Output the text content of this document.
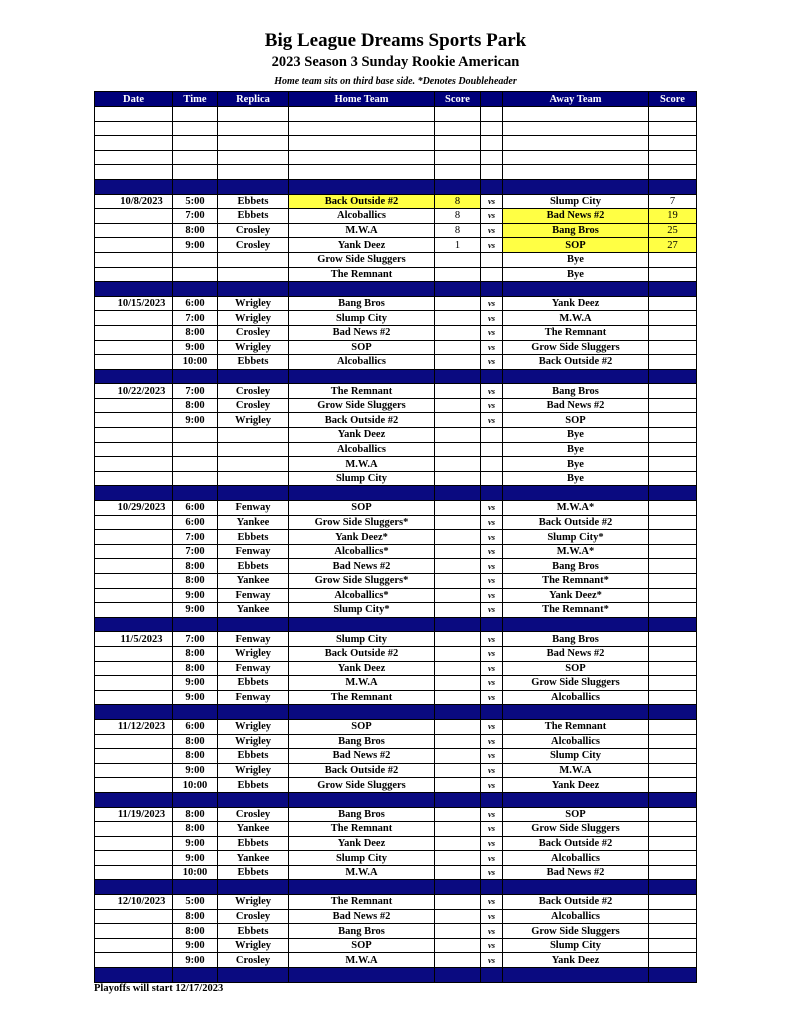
Big League Dreams Sports Park
2023 Season 3 Sunday Rookie American
Home team sits on third base side. *Denotes Doubleheader
Date	Time	Replica	Home Team	Score		Away Team	Score

10/8/2023	5:00	Ebbets	Back Outside #2	8	vs	Slump City	7
	7:00	Ebbets	Alcoballics	8	vs	Bad News #2	19
	8:00	Crosley	M.W.A	8	vs	Bang Bros	25
	9:00	Crosley	Yank Deez	1	vs	SOP	27
			Grow Side Sluggers			Bye	
			The Remnant			Bye	

10/15/2023	6:00	Wrigley	Bang Bros		vs	Yank Deez	
	7:00	Wrigley	Slump City		vs	M.W.A	
	8:00	Crosley	Bad News #2		vs	The Remnant	
	9:00	Wrigley	SOP		vs	Grow Side Sluggers	
	10:00	Ebbets	Alcoballics		vs	Back Outside #2	

10/22/2023	7:00	Crosley	The Remnant		vs	Bang Bros	
	8:00	Crosley	Grow Side Sluggers		vs	Bad News #2	
	9:00	Wrigley	Back Outside #2		vs	SOP	
			Yank Deez			Bye	
			Alcoballics			Bye	
			M.W.A			Bye	
			Slump City			Bye	

10/29/2023	6:00	Fenway	SOP		vs	M.W.A*	
	6:00	Yankee	Grow Side Sluggers*		vs	Back Outside #2	
	7:00	Ebbets	Yank Deez*		vs	Slump City*	
	7:00	Fenway	Alcoballics*		vs	M.W.A*	
	8:00	Ebbets	Bad News #2		vs	Bang Bros	
	8:00	Yankee	Grow Side Sluggers*		vs	The Remnant*	
	9:00	Fenway	Alcoballics*		vs	Yank Deez*	
	9:00	Yankee	Slump City*		vs	The Remnant*	

11/5/2023	7:00	Fenway	Slump City		vs	Bang Bros	
	8:00	Wrigley	Back Outside #2		vs	Bad News #2	
	8:00	Fenway	Yank Deez		vs	SOP	
	9:00	Ebbets	M.W.A		vs	Grow Side Sluggers	
	9:00	Fenway	The Remnant		vs	Alcoballics	

11/12/2023	6:00	Wrigley	SOP		vs	The Remnant	
	8:00	Wrigley	Bang Bros		vs	Alcoballics	
	8:00	Ebbets	Bad News #2		vs	Slump City	
	9:00	Wrigley	Back Outside #2		vs	M.W.A	
	10:00	Ebbets	Grow Side Sluggers		vs	Yank Deez	

11/19/2023	8:00	Crosley	Bang Bros		vs	SOP	
	8:00	Yankee	The Remnant		vs	Grow Side Sluggers	
	9:00	Ebbets	Yank Deez		vs	Back Outside #2	
	9:00	Yankee	Slump City		vs	Alcoballics	
	10:00	Ebbets	M.W.A		vs	Bad News #2	

12/10/2023	5:00	Wrigley	The Remnant		vs	Back Outside #2	
	8:00	Crosley	Bad News #2		vs	Alcoballics	
	8:00	Ebbets	Bang Bros		vs	Grow Side Sluggers	
	9:00	Wrigley	SOP		vs	Slump City	
	9:00	Crosley	M.W.A		vs	Yank Deez	

Playoffs will start 12/17/2023
